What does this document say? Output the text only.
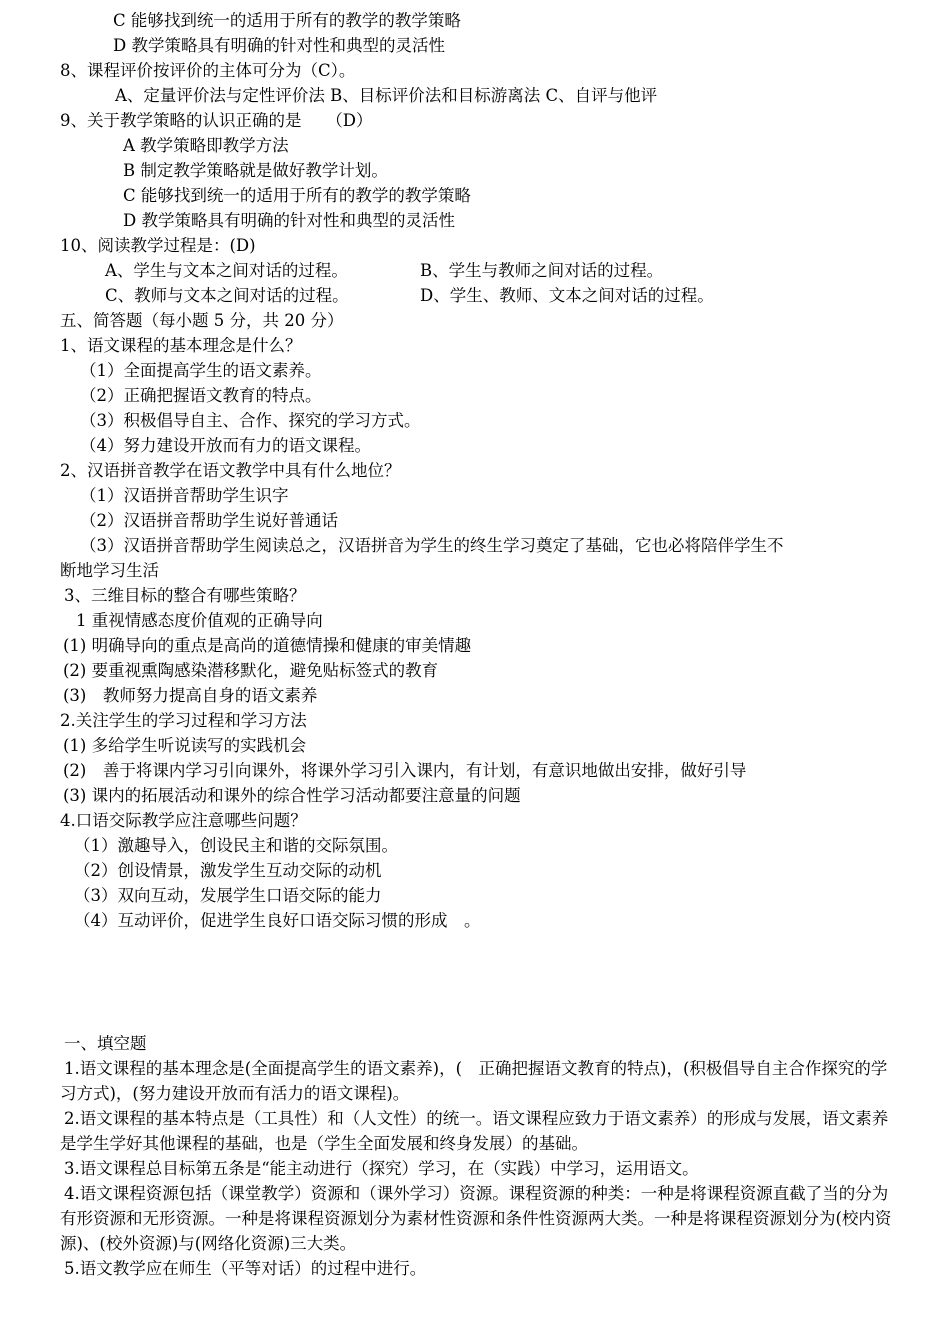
C 能够找到统一的适用于所有的教学的教学策略
D 教学策略具有明确的针对性和典型的灵活性
8、课程评价按评价的主体可分为（C）。
A、定量评价法与定性评价法 B、目标评价法和目标游离法 C、自评与他评
9、关于教学策略的认识正确的是　　（D）
A 教学策略即教学方法
B 制定教学策略就是做好教学计划。
C 能够找到统一的适用于所有的教学的教学策略
D 教学策略具有明确的针对性和典型的灵活性
10、阅读教学过程是：(D)
A、学生与文本之间对话的过程。	B、学生与教师之间对话的过程。
C、教师与文本之间对话的过程。	D、学生、教师、文本之间对话的过程。
五、简答题（每小题 5 分，共 20 分）
1、语文课程的基本理念是什么？
（1）全面提高学生的语文素养。
（2）正确把握语文教育的特点。
（3）积极倡导自主、合作、探究的学习方式。
（4）努力建设开放而有力的语文课程。
2、汉语拼音教学在语文教学中具有什么地位？
（1）汉语拼音帮助学生识字
（2）汉语拼音帮助学生说好普通话
（3）汉语拼音帮助学生阅读总之，汉语拼音为学生的终生学习奠定了基础，它也必将陪伴学生不
断地学习生活
3、三维目标的整合有哪些策略？
1 重视情感态度价值观的正确导向
(1) 明确导向的重点是高尚的道德情操和健康的审美情趣
(2) 要重视熏陶感染潜移默化，避免贴标签式的教育
(3)　教师努力提高自身的语文素养
2.关注学生的学习过程和学习方法
(1) 多给学生听说读写的实践机会
(2)　善于将课内学习引向课外，将课外学习引入课内，有计划，有意识地做出安排，做好引导
(3) 课内的拓展活动和课外的综合性学习活动都要注意量的问题
4.口语交际教学应注意哪些问题？
（1）激趣导入，创设民主和谐的交际氛围。
（2）创设情景，激发学生互动交际的动机
（3）双向互动，发展学生口语交际的能力
（4）互动评价，促进学生良好口语交际习惯的形成　。
一、填空题
1.语文课程的基本理念是(全面提高学生的语文素养)，(　正确把握语文教育的特点)，(积极倡导自主合作探究的学习方式)，(努力建设开放而有活力的语文课程)。
2.语文课程的基本特点是（工具性）和（人文性）的统一。语文课程应致力于语文素养）的形成与发展，语文素养是学生学好其他课程的基础，也是（学生全面发展和终身发展）的基础。
3.语文课程总目标第五条是“能主动进行（探究）学习，在（实践）中学习，运用语文。
4.语文课程资源包括（课堂教学）资源和（课外学习）资源。课程资源的种类：一种是将课程资源直截了当的分为有形资源和无形资源。一种是将课程资源划分为素材性资源和条件性资源两大类。一种是将课程资源划分为(校内资源)、(校外资源)与(网络化资源)三大类。
5.语文教学应在师生（平等对话）的过程中进行。
